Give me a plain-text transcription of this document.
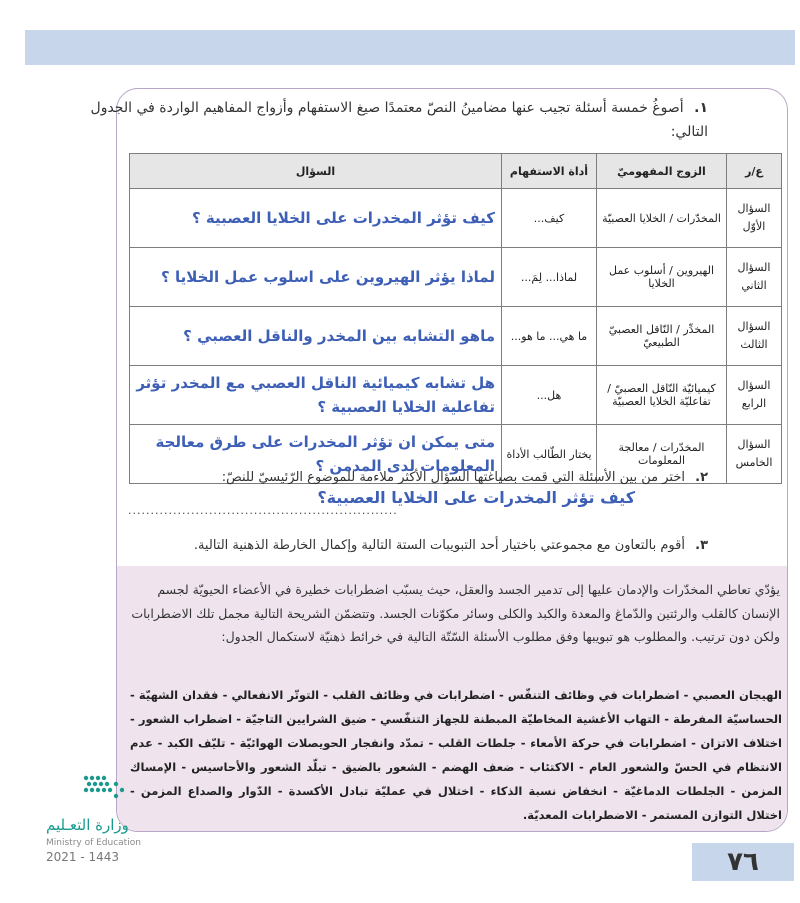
١. أصوغُ خمسة أسئلة تجيب عنها مضامينُ النصّ معتمدًا صيغ الاستفهام وأزواج المفاهيم الواردة في الجدول التالي:
ع/ر	الزوج المفهوميّ	أداة الاستفهام	السؤال

السؤال
الأوّل	المخدّرات / الخلايا العصبيّة	كيف...	كيف تؤثر المخدرات على الخلايا العصبية ؟

السؤال
الثاني	الهيروين / أسلوب عمل الخلايا	لماذا... لِمَ...	لماذا يؤثر الهيروين على اسلوب عمل الخلايا ؟

السؤال
الثالث	المخدِّر / النّاقل العصبيّ الطبيعيّ	ما هي... ما هو...	ماهو التشابه بين المخدر والناقل العصبي ؟

السؤال
الرابع	كيميائيّة النّاقل العصبيّ / تفاعليّة الخلايا العصبيّة	هل...	هل تشابه كيميائية الناقل العصبي مع المخدر تؤثر تفاعلية الخلايا العصبية ؟

السؤال
الخامس	المخدّرات / معالجة المعلومات	يختار الطّالب الأداة	متى يمكن ان تؤثر المخدرات على طرق معالجة المعلومات لدى المدمن ؟
٢. اختر من بين الأسئلة التي قمت بصياغتها السؤال الأكثر ملاءمة للموضوع الرّئيسيّ للنصّ:
كيف تؤثر المخدرات على الخلايا العصبية؟
............................................................
٣. أقوم بالتعاون مع مجموعتي باختيار أحد التبويبات الستة التالية وإكمال الخارطة الذهنية التالية.
يؤدّي تعاطي المخدّرات والإدمان عليها إلى تدمير الجسد والعقل، حيث يسبّب اضطرابات خطيرة في الأعضاء الحيويّة لجسم الإنسان كالقلب والرئتين والدّماغ والمعدة والكبد والكلى وسائر مكوّنات الجسد. وتتضمّن الشريحة التالية مجمل تلك الاضطرابات ولكن دون ترتيب. والمطلوب هو تبويبها وفق مطلوب الأسئلة السّتّة التالية في خرائط ذهنيّة لاستكمال الجدول:
الهيجان العصبي - اضطرابات في وظائف التنفّس - اضطرابات في وظائف القلب - التوتّر الانفعالي - فقدان الشهيّة - الحساسيّة المفرطة - التهاب الأغشية المخاطيّة المبطنة للجهاز التنفّسي - ضيق الشرايين التاجيّة - اضطراب الشعور - اختلاف الاتزان - اضطرابات في حركة الأمعاء - جلطات القلب - تمدّد وانفجار الحويصلات الهوائيّة - تليّف الكبد - عدم الانتظام في الحسّ والشعور العام - الاكتئاب - ضعف الهضم - الشعور بالضيق - تبلّد الشعور والأحاسيس - الإمساك المزمن - الجلطات الدماغيّة - انخفاض نسبة الذكاء - اختلال في عمليّة تبادل الأكسدة - الدّوار والصداع المزمن - اختلال التوازن المستمر - الاضطرابات المعديّة.
وزارة التعـليم
Ministry of Education
2021 - 1443	٧٦
